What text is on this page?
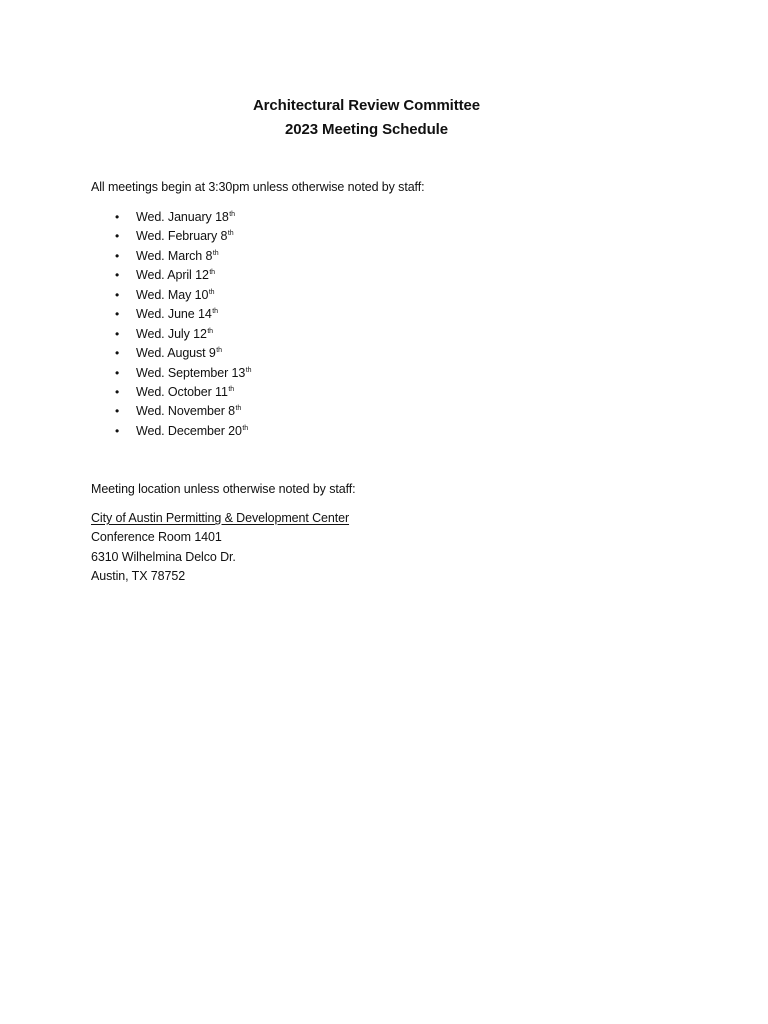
Architectural Review Committee
2023 Meeting Schedule
All meetings begin at 3:30pm unless otherwise noted by staff:
• Wed. January 18th
• Wed. February 8th
• Wed. March 8th
• Wed. April 12th
• Wed. May 10th
• Wed. June 14th
• Wed. July 12th
• Wed. August 9th
• Wed. September 13th
• Wed. October 11th
• Wed. November 8th
• Wed. December 20th
Meeting location unless otherwise noted by staff:
City of Austin Permitting & Development Center
Conference Room 1401
6310 Wilhelmina Delco Dr.
Austin, TX 78752
